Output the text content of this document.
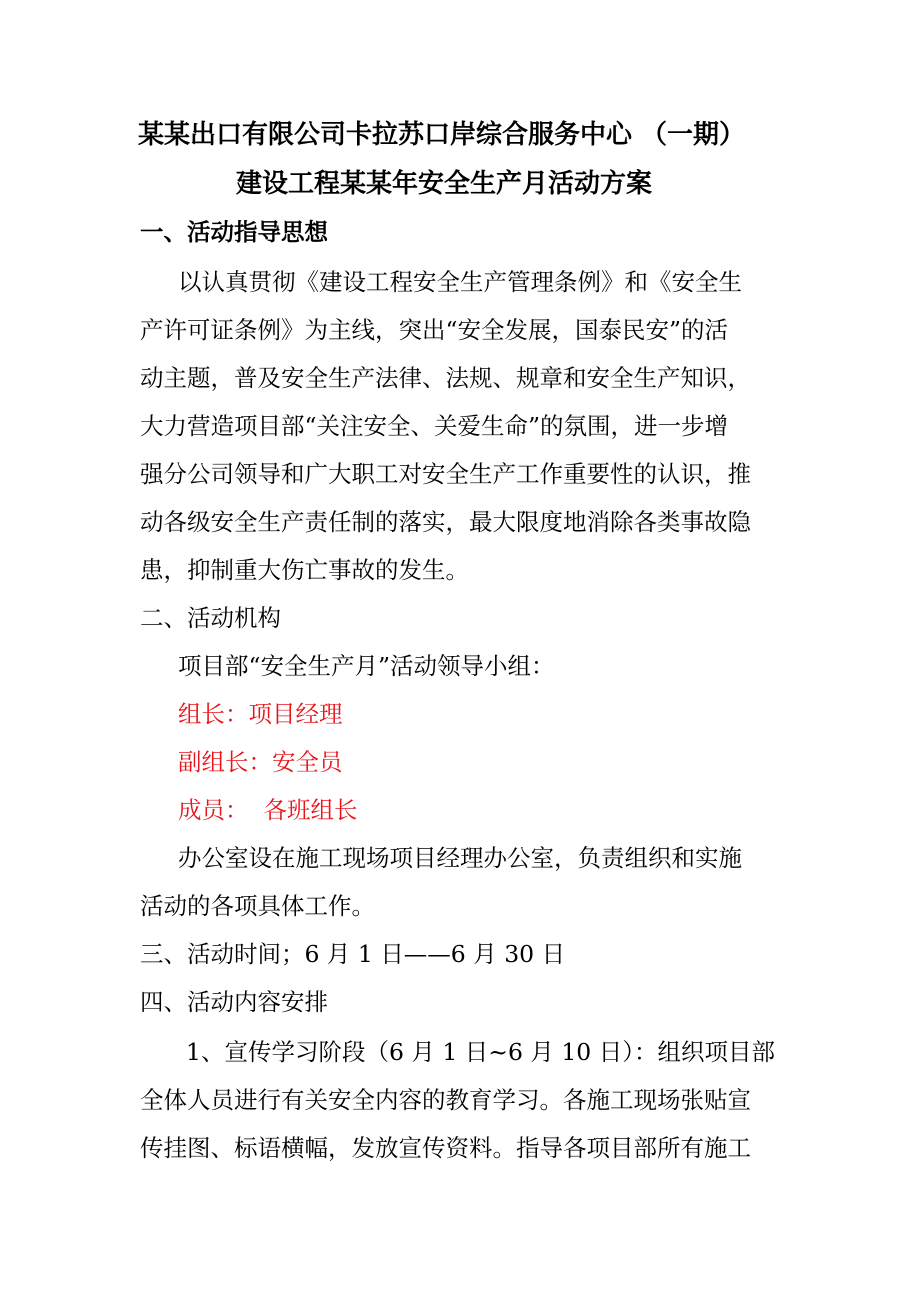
某某出口有限公司卡拉苏口岸综合服务中心 （一期）
建设工程某某年安全生产月活动方案
一、活动指导思想
以认真贯彻《建设工程安全生产管理条例》和《安全生
产许可证条例》为主线，突出“安全发展，国泰民安”的活
动主题，普及安全生产法律、法规、规章和安全生产知识，
大力营造项目部“关注安全、关爱生命”的氛围，进一步增
强分公司领导和广大职工对安全生产工作重要性的认识，推
动各级安全生产责任制的落实，最大限度地消除各类事故隐
患，抑制重大伤亡事故的发生。
二、活动机构
项目部“安全生产月”活动领导小组：
组长：项目经理
副组长：安全员
成员：  各班组长
办公室设在施工现场项目经理办公室，负责组织和实施
活动的各项具体工作。
三、活动时间；6 月 1 日——6 月 30 日
四、活动内容安排
1、宣传学习阶段（6 月 1 日~6 月 10 日）：组织项目部
全体人员进行有关安全内容的教育学习。各施工现场张贴宣
传挂图、标语横幅，发放宣传资料。指导各项目部所有施工
